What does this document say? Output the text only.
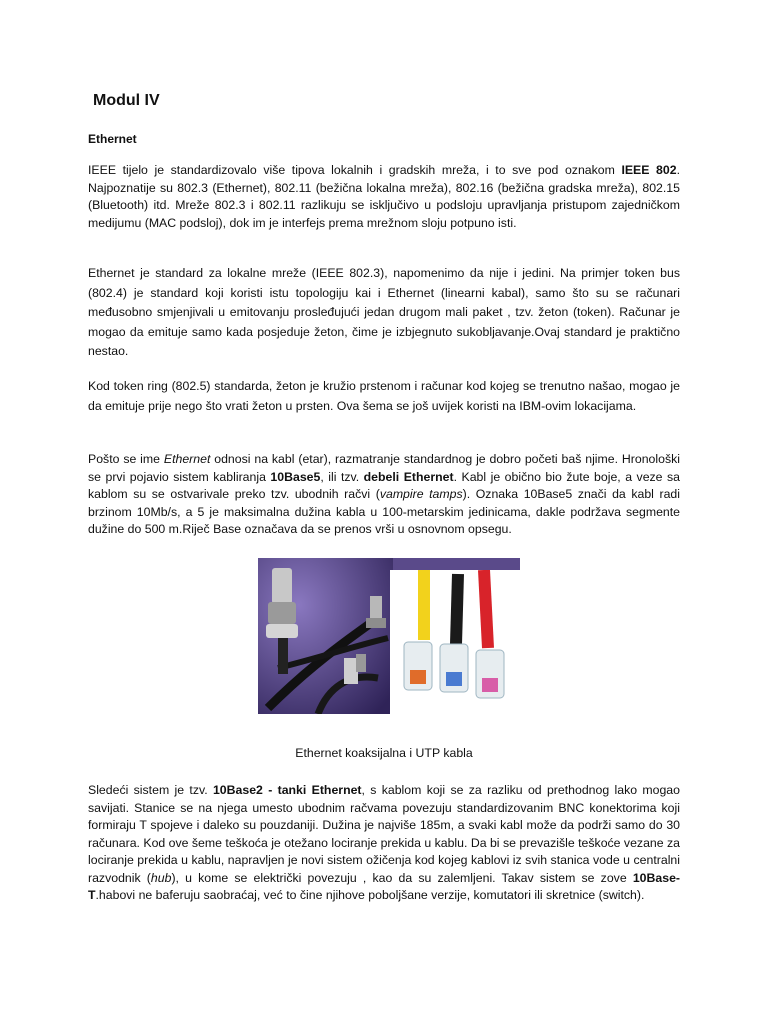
Modul IV
Ethernet
IEEE tijelo je standardizovalo više tipova lokalnih i gradskih mreža, i to sve pod oznakom IEEE 802. Najpoznatije su 802.3 (Ethernet), 802.11 (bežična lokalna mreža), 802.16 (bežična gradska mreža), 802.15 (Bluetooth) itd. Mreže 802.3 i 802.11 razlikuju se isključivo u podsloju upravljanja pristupom zajedničkom medijumu (MAC podsloj), dok im je interfejs prema mrežnom sloju potpuno isti.
Ethernet je standard za lokalne mreže (IEEE 802.3), napomenimo da nije i jedini. Na primjer token bus (802.4) je standard koji koristi istu topologiju kai i Ethernet (linearni kabal), samo što su se računari međusobno smjenjivali u emitovanju prosleđujući jedan drugom mali paket , tzv. žeton (token). Računar je mogao da emituje samo kada posjeduje žeton, čime je izbjegnuto sukobljavanje.Ovaj standard je praktično nestao.
Kod token ring (802.5) standarda, žeton je kružio prstenom i računar kod kojeg se trenutno našao, mogao je da emituje prije nego što vrati žeton u prsten. Ova šema se još uvijek koristi na IBM-ovim lokacijama.
Pošto se ime Ethernet odnosi na kabl (etar), razmatranje standardnog je dobro početi baš njime. Hronološki se prvi pojavio sistem kabliranja 10Base5, ili tzv. debeli Ethernet. Kabl je obično bio žute boje, a veze sa kablom su se ostvarivale preko tzv. ubodnih račvi (vampire tamps). Oznaka 10Base5 znači da kabl radi brzinom 10Mb/s, a 5 je maksimalna dužina kabla u 100-metarskim jedinicama, dakle podržava segmente dužine do 500 m.Riječ Base označava da se prenos vrši u osnovnom opsegu.
Ethernet koaksijalna i UTP kabla
Sledeći sistem je tzv. 10Base2 - tanki Ethernet, s kablom koji se za razliku od prethodnog lako mogao savijati. Stanice se na njega umesto ubodnim račvama povezuju standardizovanim BNC konektorima koji formiraju T spojeve i daleko su pouzdaniji. Dužina je najviše 185m, a svaki kabl može da podrži samo do 30 računara. Kod ove šeme teškoća je otežano lociranje prekida u kablu. Da bi se prevazišle teškoće vezane za lociranje prekida u kablu, napravljen je novi sistem ožičenja kod kojeg kablovi iz svih stanica vode u centralni razvodnik (hub), u kome se električki povezuju , kao da su zalemljeni. Takav sistem se zove 10Base-T.habovi ne baferuju saobraćaj, već to čine njihove poboljšane verzije, komutatori ili skretnice (switch).
